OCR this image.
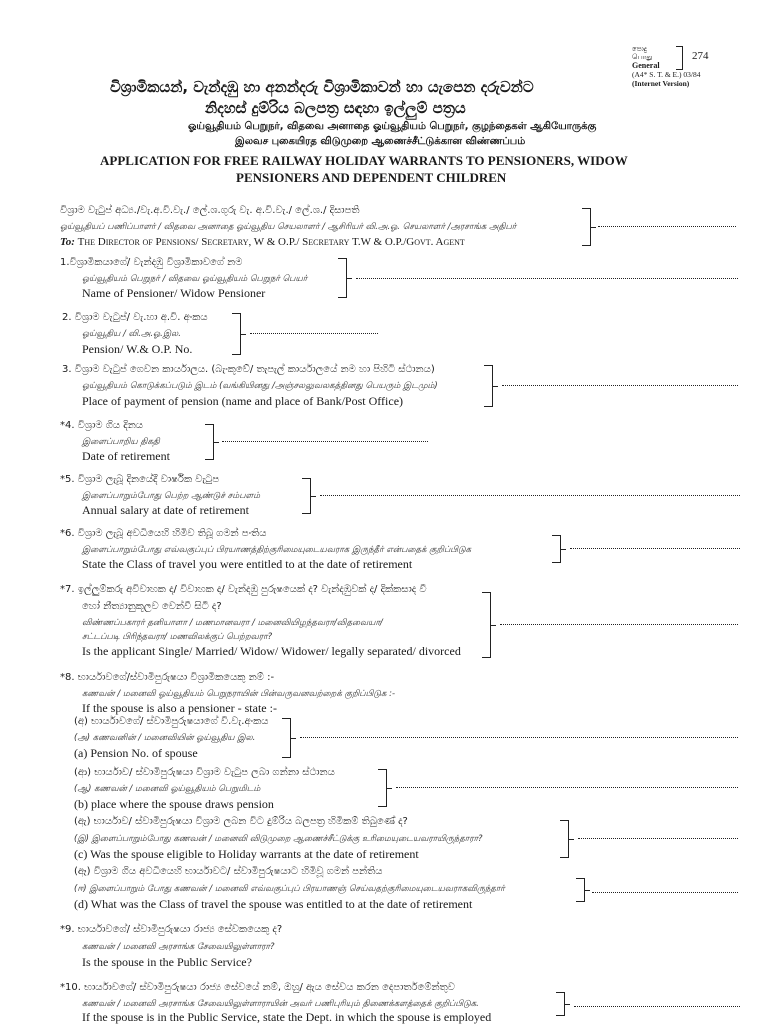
පොදු
பொது
General
(A4* S. T. & E.) 03/84
(Internet Version)
274
විශ්‍රාමිකයන්, වැන්දඹු හා අනන්දරු විශ්‍රාමිකාවන් හා යැපෙන දරුවන්ට
නිදහස් දුම්රිය බලපත්‍ර සඳහා ඉල්ලුම් පත්‍රය
ஓய்வூதியம் பெறுநர், விதவை அனாதை ஓய்வூதியம் பெறுநர், குழந்தைகள் ஆகியோருக்கு
இலவச புகையிரத விடுமுறை ஆணைச்சீட்டுக்கான விண்ணப்பம்
APPLICATION FOR FREE RAILWAY HOLIDAY WARRANTS TO PENSIONERS, WIDOW
PENSIONERS AND DEPENDENT CHILDREN
විශ්‍රාම වැටුප් අධ්‍ය./වැ.අ.වි.වැ./ ලේ.ශ.ගුරු වැ. අ.වි.වැ./ ලේ.ශ./ දිසාපති
ஓய்வூதியப் பணிப்பாளர் / விதவை அனாதை ஓய்வூதிய செயலாளர் / ஆசிரியர் வி.அ.ஓ. செயலாளர் /அரசாங்க அதிபர்
To: The Director of Pensions/ Secretary, W & O.P./ Secretary T.W & O.P./Govt. Agent
1.විශ්‍රාමිකයාගේ/ වැන්දඹු විශ්‍රාමිකාවගේ නම
ஓய்வூதியம் பெறுநர் / விதவை ஓய்வூதியம் பெறுநர் பெயர்
Name of Pensioner/ Widow Pensioner
2. විශ්‍රාම වැටුප්/ වැ.හා අ.වි. අංකය
ஓய்வூதிய / வி.அ.ஓ.இல.
Pension/ W.& O.P. No.
3. විශ්‍රාම වැටුප් ගෙවන කාර්යාලය. (බැංකුවේ/ තැපැල් කාර්යාලයේ නම හා පිහිටි ස්ථානය)
ஓய்வூதியம் கொடுக்கப்படும் இடம் (வங்கியினது /அஞ்சலலுவலகத்தினது பெயரும் இடமும்)
Place of payment of pension (name and place of Bank/Post Office)
*4. විශ්‍රාම ගිය දිනය
இளைப்பாறிய திகதி
Date of retirement
*5. විශ්‍රාම ලැබූ දිනයේදී වාර්ෂික වැටුප
இளைப்பாறும்போது பெற்ற ஆண்டுச் சம்பளம்
Annual salary at date of retirement
*6. විශ්‍රාම ලැබූ අවධියෙහි හිමිව තිබූ ගමන් පංතිය
இளைப்பாறும்போது எவ்வகுப்புப் பிரயாணத்திற்குரிமையுடையவராக இருந்தீர் என்பதைக் குறிப்பிடுக
State the Class of travel you were entitled to at the date of retirement
*7. ඉල්ලුම්කරු අවිවාහක ද/ විවාහක ද/ වැන්දඹු පුරුෂයෙක් ද? වැන්දඹුවක් ද/ දික්කසාද වී
හෝ නීත්‍යානුකූලව වෙන්වී සිටී ද?
விண்ணப்பகாரர் தனியாளா / மணமானவரா / மனைவியிழந்தவரா/விதவையா/
சட்டப்படி பிரிந்தவரா/ மணவிலக்குப் பெற்றவரா?
Is the applicant Single/ Married/ Widow/ Widower/ legally separated/ divorced
*8. භාර්යාවගේ/ස්වාමිපුරුෂයා විශ්‍රාමිකයෙකු නම් :-
கணவன் / மனைவி ஓய்வூதியம் பெறுநராயின் பின்வருவனவற்றைக் குறிப்பிடுக :-
If the spouse is also a pensioner - state :-
(අ) භාර්යාවගේ/ ස්වාමිපුරුෂයාගේ වි.වැ.අංකය
(அ) கணவனின் / மனைவியின் ஓய்வூதிய இல.
(a) Pension No. of spouse
(ආ) භාර්යාව/ ස්වාමිපුරුෂයා විශ්‍රාම වැටුප ලබා ගන්නා ස්ථානය
(ஆ) கணவன் / மனைவி ஓய்வூதியம் பெறுமிடம்
(b) place where the spouse draws pension
(ඇ) භාර්යාව/ ස්වාමිපුරුෂයා විශ්‍රාම ලබන විට දුම්රිය බලපත්‍ර හිමිකම් තිබුණේ ද?
(இ) இளைப்பாறும்போது கணவன் / மனைவி விடுமுறை ஆணைச்சீட்டுக்கு உரிமையுடையவராயிருந்தாரா?
(c) Was the spouse eligible to Holiday warrants at the date of retirement
(ඈ) විශ්‍රාම ගිය අවධියෙහි භාර්යාවට/ ස්වාමිපුරුෂයාට හිමිවූ ගමන් පන්තිය
(ஈ) இளைப்பாறும் போது கணவன் / மனைவி எவ்வகுப்புப் பிரயாணஞ் செய்வதற்குரிமையுடையவராகவிருந்தார்
(d) What was the Class of travel the spouse was entitled to at the date of retirement
*9. භාර්යාවගේ/ ස්වාමිපුරුෂයා රාජ්‍ය සේවකයෙකු ද?
கணவன் / மனைவி அரசாங்க சேவையிலுள்ளாரா?
Is the spouse in the Public Service?
*10. භාර්යාවගේ/ ස්වාමිපුරුෂයා රාජ්‍ය සේවයේ නම්, ඔහු/ ඇය සේවය කරන දෙපාර්තමේන්තුව
கணவன் / மனைவி அரசாங்க சேவையிலுள்ளாராயின் அவர் பணிபுரியும் திணைக்களத்தைக் குறிப்பிடுக.
If the spouse is in the Public Service, state the Dept. in which the spouse is employed
